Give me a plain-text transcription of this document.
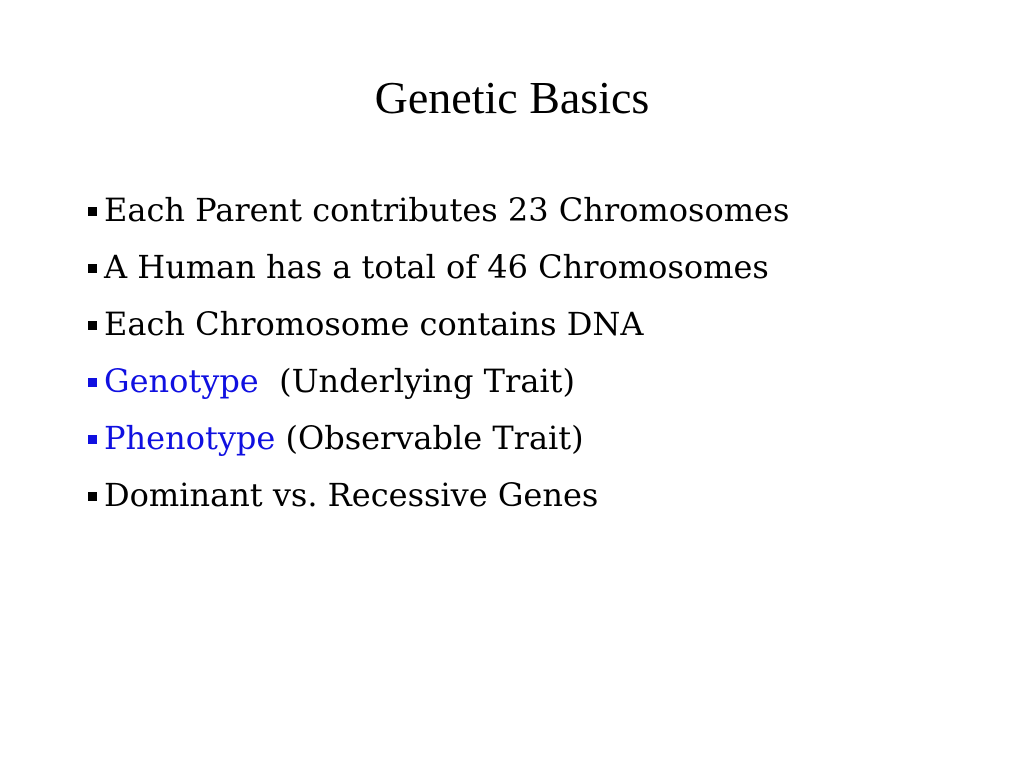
Genetic Basics
Each Parent contributes 23 Chromosomes
A Human has a total of 46 Chromosomes
Each Chromosome contains DNA
Genotype (Underlying Trait)
Phenotype (Observable Trait)
Dominant vs. Recessive Genes
